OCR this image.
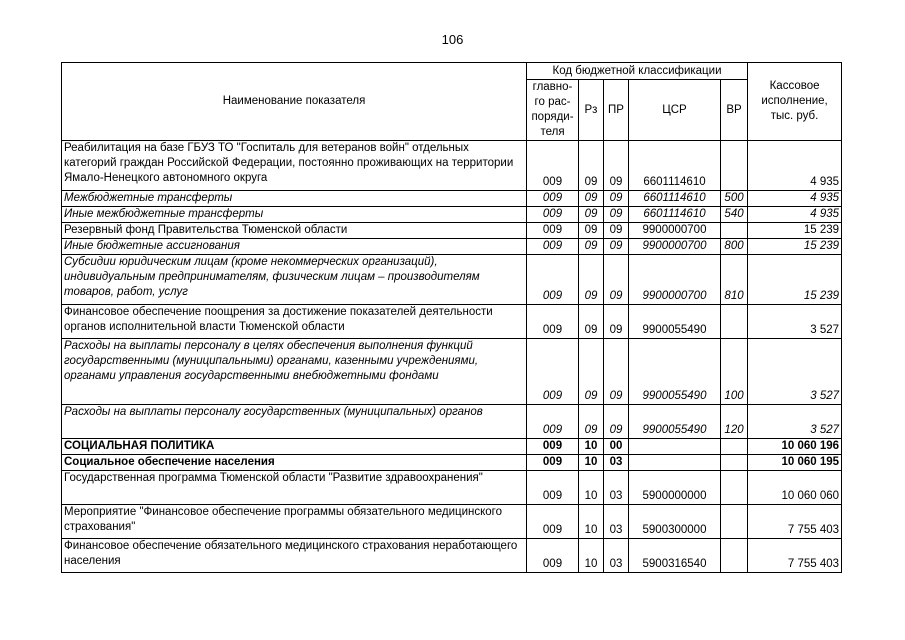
106
Наименование показателя	Код бюджетной классификации					Кассовое исполнение, тыс. руб.
	главно-го рас-поряди-теля	Рз	ПР	ЦСР	ВР	
Реабилитация на базе ГБУЗ ТО "Госпиталь для ветеранов войн" отдельных категорий граждан Российской Федерации, постоянно проживающих на территории Ямало-Ненецкого автономного округа	009	09	09	6601114610		4 935
Межбюджетные трансферты	009	09	09	6601114610	500	4 935
Иные межбюджетные трансферты	009	09	09	6601114610	540	4 935
Резервный фонд Правительства Тюменской области	009	09	09	9900000700		15 239
Иные бюджетные ассигнования	009	09	09	9900000700	800	15 239
Субсидии юридическим лицам (кроме некоммерческих организаций), индивидуальным предпринимателям, физическим лицам – производителям товаров, работ, услуг	009	09	09	9900000700	810	15 239
Финансовое обеспечение поощрения за достижение показателей деятельности органов исполнительной власти Тюменской области	009	09	09	9900055490		3 527
Расходы на выплаты персоналу в целях обеспечения выполнения функций государственными (муниципальными) органами, казенными учреждениями, органами управления государственными внебюджетными фондами	009	09	09	9900055490	100	3 527
Расходы на выплаты персоналу государственных (муниципальных) органов	009	09	09	9900055490	120	3 527
СОЦИАЛЬНАЯ ПОЛИТИКА	009	10	00			10 060 196
Социальное обеспечение населения	009	10	03			10 060 195
Государственная программа Тюменской области "Развитие здравоохранения"	009	10	03	5900000000		10 060 060
Мероприятие "Финансовое обеспечение программы обязательного медицинского страхования"	009	10	03	5900300000		7 755 403
Финансовое обеспечение обязательного медицинского страхования неработающего населения	009	10	03	5900316540		7 755 403
